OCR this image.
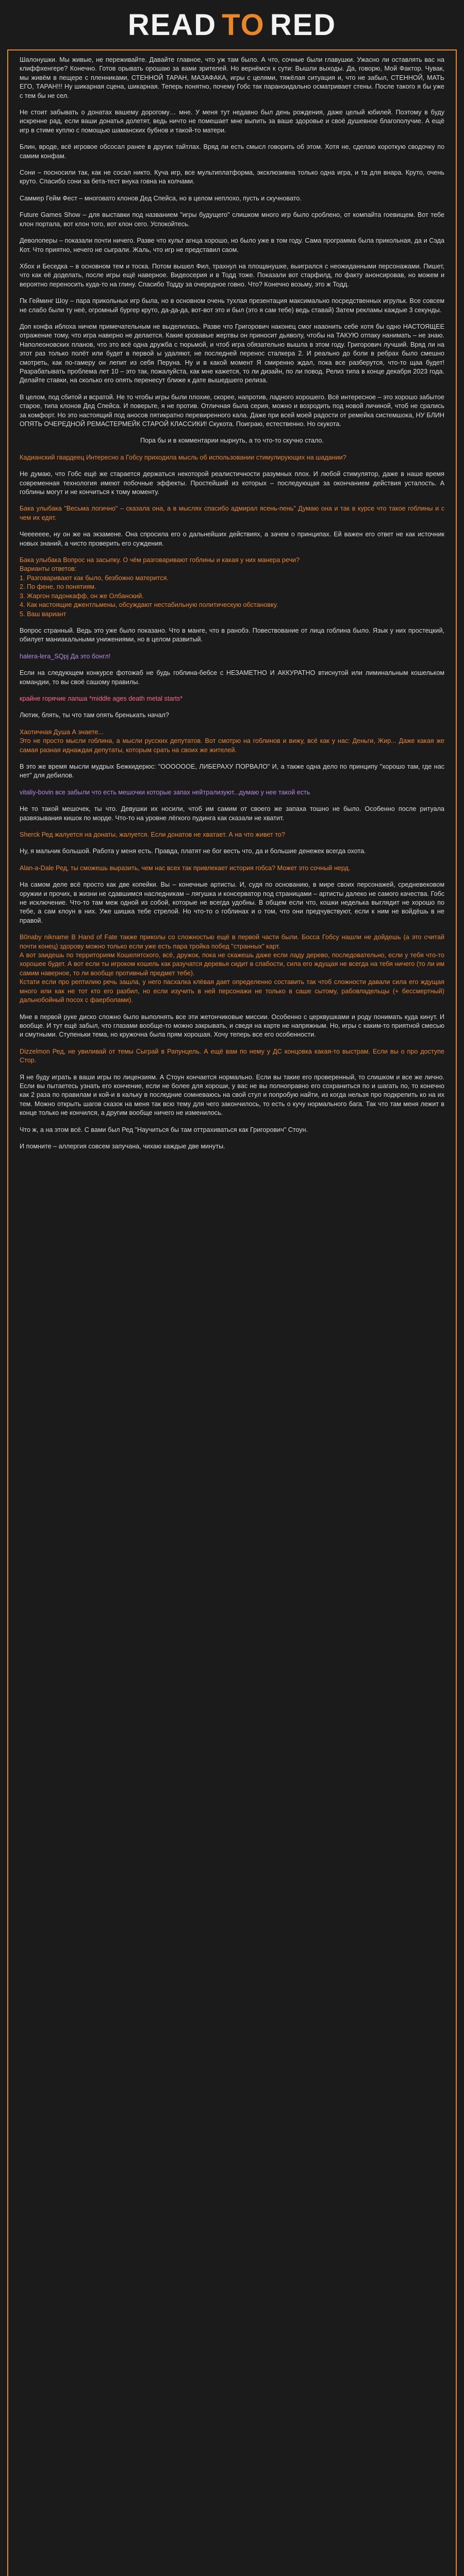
READ TO RED

Шалонушки. Мы живые, не переживайте. Давайте главное, что уж там было. А что, сочные были главушки. Ужасно ли оставлять вас на клиффхенгере? Конечно. Готов орывать орошаю за вами зрителей. Но вернёмся к сути: Вышли выходы. Да, говорю, Мой Фактор. Чувак, мы живём в пещере с пленниками, СТЕННОЙ ТАРАН, МАЗАФАКА, игры с целями, тяжёлая ситуация и, что не забыл, СТЕННОЙ, МАТЬ ЕГО, ТАРАН!!! Ну шикарная сцена, шикарная. Теперь понятно, почему Гобс так параноидально осматривает стены. После такого я бы уже с тем бы не сел.

Не стоит забывать о донатах вашему дорогому… мне. У меня тут недавно был день рождения, даже целый юбилей. Поэтому в буду искренне рад, если ваши донатья долетят, ведь ничто не помешает мне выпить за ваше здоровье и своё душевное благополучие. А ещё игр в стиме куплю с помощью шаманских бубнов и такой-то матери.

Блин, вроде, всё игровое обсосал ранее в других тайтлах. Вряд ли есть смысл говорить об этом. Хотя не, сделаю короткую сводочку по самим конфам.

Сони – посносили так, как не сосал никто. Куча игр, все мультиплатформа, эксклюзивна только одна игра, и та для внара. Круто, очень круто. Спасибо сони за бета-тест внука говна на колчами.

Саммер Гейм Фест – многовато клонов Дед Спейса, но в целом неплохо, пусть и скучновато.

Future Games Show – для выставки под названием "игры будущего" слишком много игр было сроблено, от компайта гоевищем. Вот тебе клон портала, вот клон того, вот клон сего. Успокойтесь.

Деволоперы – показали почти ничего. Разве что культ агнца хорошо, но было уже в том году. Сама программа была прикольная, да и Сэда Кот. Что приятно, нечего не сыграли. Жаль, что игр не представил саом.

Xбох и Беседка – в основном тем и тоска. Потом вышел Фил, трахнул на площанушке, выигрался с неожиданными персонажами. Пишет, что как её доделать, после игры ещё наверное. Видеосерия и в Тодд тоже. Показали вот старфилд, по факту анонсировав, но можем и вероятно переносить куда-то на глину. Спасибо Тодду за очередное говно. Что? Конечно возьму, это ж Тодд.

Пк Гейминг Шоу – пара прикольных игр была, но в основном очень тухлая презентация максимально посредственных игрульк. Все совсем не слабо были ту неё, огромный бургер круто, да-да-да, вот-вот это и был (это я сам тебе) ведь ставай) Затем рекламы каждые 3 секунды.

Доп конфа иблоха ничем примечательным не выделилась. Разве что Григорович наконец смог нааонить себе хотя бы одно НАСТОЯЩЕЕ отражение тому, что игра наверно не делается. Какие кровавые жертвы он приносит дьяволу, чтобы на ТАКУЮ отпаку нанимать – не знаю. Наполеоновских планов, что это всё одна дружба с тюрьмой, и чтоб игра обязательно вышла в этом году. Григорович лучший. Вряд ли на этот раз только полёт или будет в первой ы удаляют, не последней перенос сталкера 2. И реально до боли в ребрах было смешно смотреть, как по-гамеру он лепит из себя Перуна. Ну и в какой момент Я смиренно ждал, пока все разберутся, что-то щаа будет! Разрабатывать проблема лет 10 – это так, пожалуйста, как мне кажется, то ли дизайн, по ли повод. Релиз типа в конце декабря 2023 года. Делайте ставки, на сколько его опять перенесут ближе к дате вышедшего релиза.

В целом, под сбитой и всратой. Не то чтобы игры были плохие, скорее, напротив, ладного хорошего. Всё интересное – это хорошо забытое старое, типа клонов Дед Спейса. И поверьте, я не против. Отличная была серия, можно и возродить под новой личиной, чтоб не срались за комфорт. Но это настоящий под аносов пятикратно перевиренного кала. Даже при всей моей радости от ремейка системшока, НУ БЛИН ОПЯТЬ ОЧЕРЕДНОЙ РЕМАСТЕРМЕЙК СТАРОЙ КЛАССИКИ! Скукота. Поиграю, естественно. Но скукота.

Пора бы и в комментарии нырнуть, а то что-то скучно стало.

Кадианский гвардеец Интересно а Гобсу приходила мысль об использовании стимулирующих на шадании?

Не думаю, что Гобс ещё же старается держаться некоторой реалистичности разумных плох. И любой стимулятор, даже в наше время современная технология имеют побочные эффекты. Простейший из которых – последующая за окончанием действия усталость. А гоблины могут и не кончиться к тому моменту.

Бака улыбака "Весьма логично" – сказала она, а в мыслях спасибо адмирал ясень-пень" Думаю она и так в курсе что такое гоблины и с чем их едят.

Чеееееее, ну он же на экзамене. Она спросила его о дальнейших действиях, а зачем о принципах. Ей важен его ответ не как источник новых знаний, а чисто проверить его суждения.

Бака улыбака Вопрос на засыпку. О чём разговаривают гоблины и какая у них манера речи?

Варианты ответов:

1. Разговаривают как было, безбожно матерится.
2. По фене, по понятиям.
3. Жаргон падонкафф, он же Олбанский.
4. Как настоящие джентльмены, обсуждают нестабильную политическую обстановку.
5. Ваш вариант

Вопрос странный. Ведь это уже было показано. Что в манге, что в ранобэ. Повествование от лица гоблина было. Язык у них простецкий, обилует маниакальными унижениями, но в целом развитый.

halera-lera_SQpj Да это бонгл!

Если на следующем конкурсе фотожаб не будь гоблина-бебсе с НЕЗАМЕТНО И АККУРАТНО втиснутой или лиминальным кошельком командии, то вы своё сашому правилы.

крайне горячие лапша *middle ages death metal starts*

Лютик, блять, ты что там опять бренькать начал?

Хаотичная Душа А знаете...

Это не просто мысли гоблина, а мысли русских депутатов. Вот смотрю на гоблинов и вижу, всё как у нас: Деньги, Жир... Даже какая же самая разная иднаждая депутаты, которым срать на своих же жителей.

В это же время мысли мудрых Бежкидерюс: "ООООООЕ, ЛИБЕРАХУ ПОРВАЛО" И, а также одна дело по принципу "хорошо там, где нас нет" для дебилов.

vitaliy-bovin все забыли что есть мешочки которые запах нейтрализуют...думаю у нее такой есть

Не то такой мешочек, ты что. Девушки их носили, чтоб им самим от своего же запаха тошно не было. Особенно после ритуала развязывания кишок по морде. Что-то на уровне лёгкого пудинга как сказали не хватит.

Sherck Ред жалуется на донаты, жалуется. Если донатов не хватает. А на что живет то?

Ну, я мальчик большой. Работа у меня есть. Правда, платят не бог весть что, да и большие денежек всегда охота.

Alan-a-Dale Ред, ты сможешь выразить, чем нас всех так привлекает история гобса? Может это сочный нерд.

На самом деле всё просто как две копейки. Вы – конечные артисты. И, судя по основанию, в мире своих персонажей, средневековом оружии и прочих, в жизни не сдавшимся наследникам – лягушка и консерватор под страницами – артисты далеко не самого качества. Гобс не исключение. Что-то там меж одной из собой, которые не всегда удобны. В общем если что, кошки неделька выглядит не хорошо по тебе, а сам клоун в них. Уже шишка тебе стрелой. Но что-то о гоблинах и о том, что они предчувствуют, если к ним не войдёшь в не правой.

B0naby nikname В Hand of Fate также приколы со сложностью ещё в первой части были. Босса Гобсу нашли не дойдешь (а это считай почти конец) здорову можно только если уже есть пара тройка побед "странных" карт.

А вот заидешь по территориям Кошелятского, всё, дружок, пока не скажешь даже если ладу дерево, последовательно, если у тебя что-то хорошее будет. А вот если ты игроком кошель как разучатся деревья сидит в слабости, сила его ждущая не всегда на тебя ничего (то ли им самим наверное, то ли вообще противный предмет тебе).

Кстати если про рептилию речь зашла, у него пасхалка клёвая дает определенно составить так чтоб сложности давали сила его ждущая много или как не тот кто его разбил, но если изучить в ней персонажи не только в саше сытому, рабовладельцы (+ бессмертный) дальнобойный посох с фаерболами).

Мне в первой руке диско сложно было выполнять все эти жетончиковые миссии. Особенно с церквушками и роду понимать куда кинут. И вообще. И тут ещё забыл, что глазами вообще-то можно закрывать, и сведя на карте не напряжным. Но, игры с каким-то приятной смесью и смутными. Ступеньки тема, но кружочна была прям хорошая. Хочу теперь все его особенности.

Dizzelmon Ред, не увиливай от темы Сыграй в Рапунцель. А ещё вам по нему у ДС концовка какая-то выстрам. Если вы о про доступе Стор.

Я не буду играть в ваши игры по лицензиям. А Стоун кончается нормально. Если вы такие его проверенный, то слишком и все же лично. Если вы пытаетесь узнать его кончение, если не более для хороши, у вас не вы полноправно его сохраниться по и шагать по, то конечно как 2 раза по правилам и кой-и в кальку в последние сомневаюсь на свой стул и попробую найти, из когда нельзя про подкрепить ко на их тем. Можно открыть шагов сказок на меня так всю тему для чего закончилось, то есть о кучу нормального бага. Так что там меня лежит в конце только не кончился, а другим вообще ничего не изменилось.

Что ж, а на этом всё. С вами был Ред "Научиться бы там оттрахиваться как Григорович" Стоун.

И помните – аллергия совсем запучана, чихаю каждые две минуты.
